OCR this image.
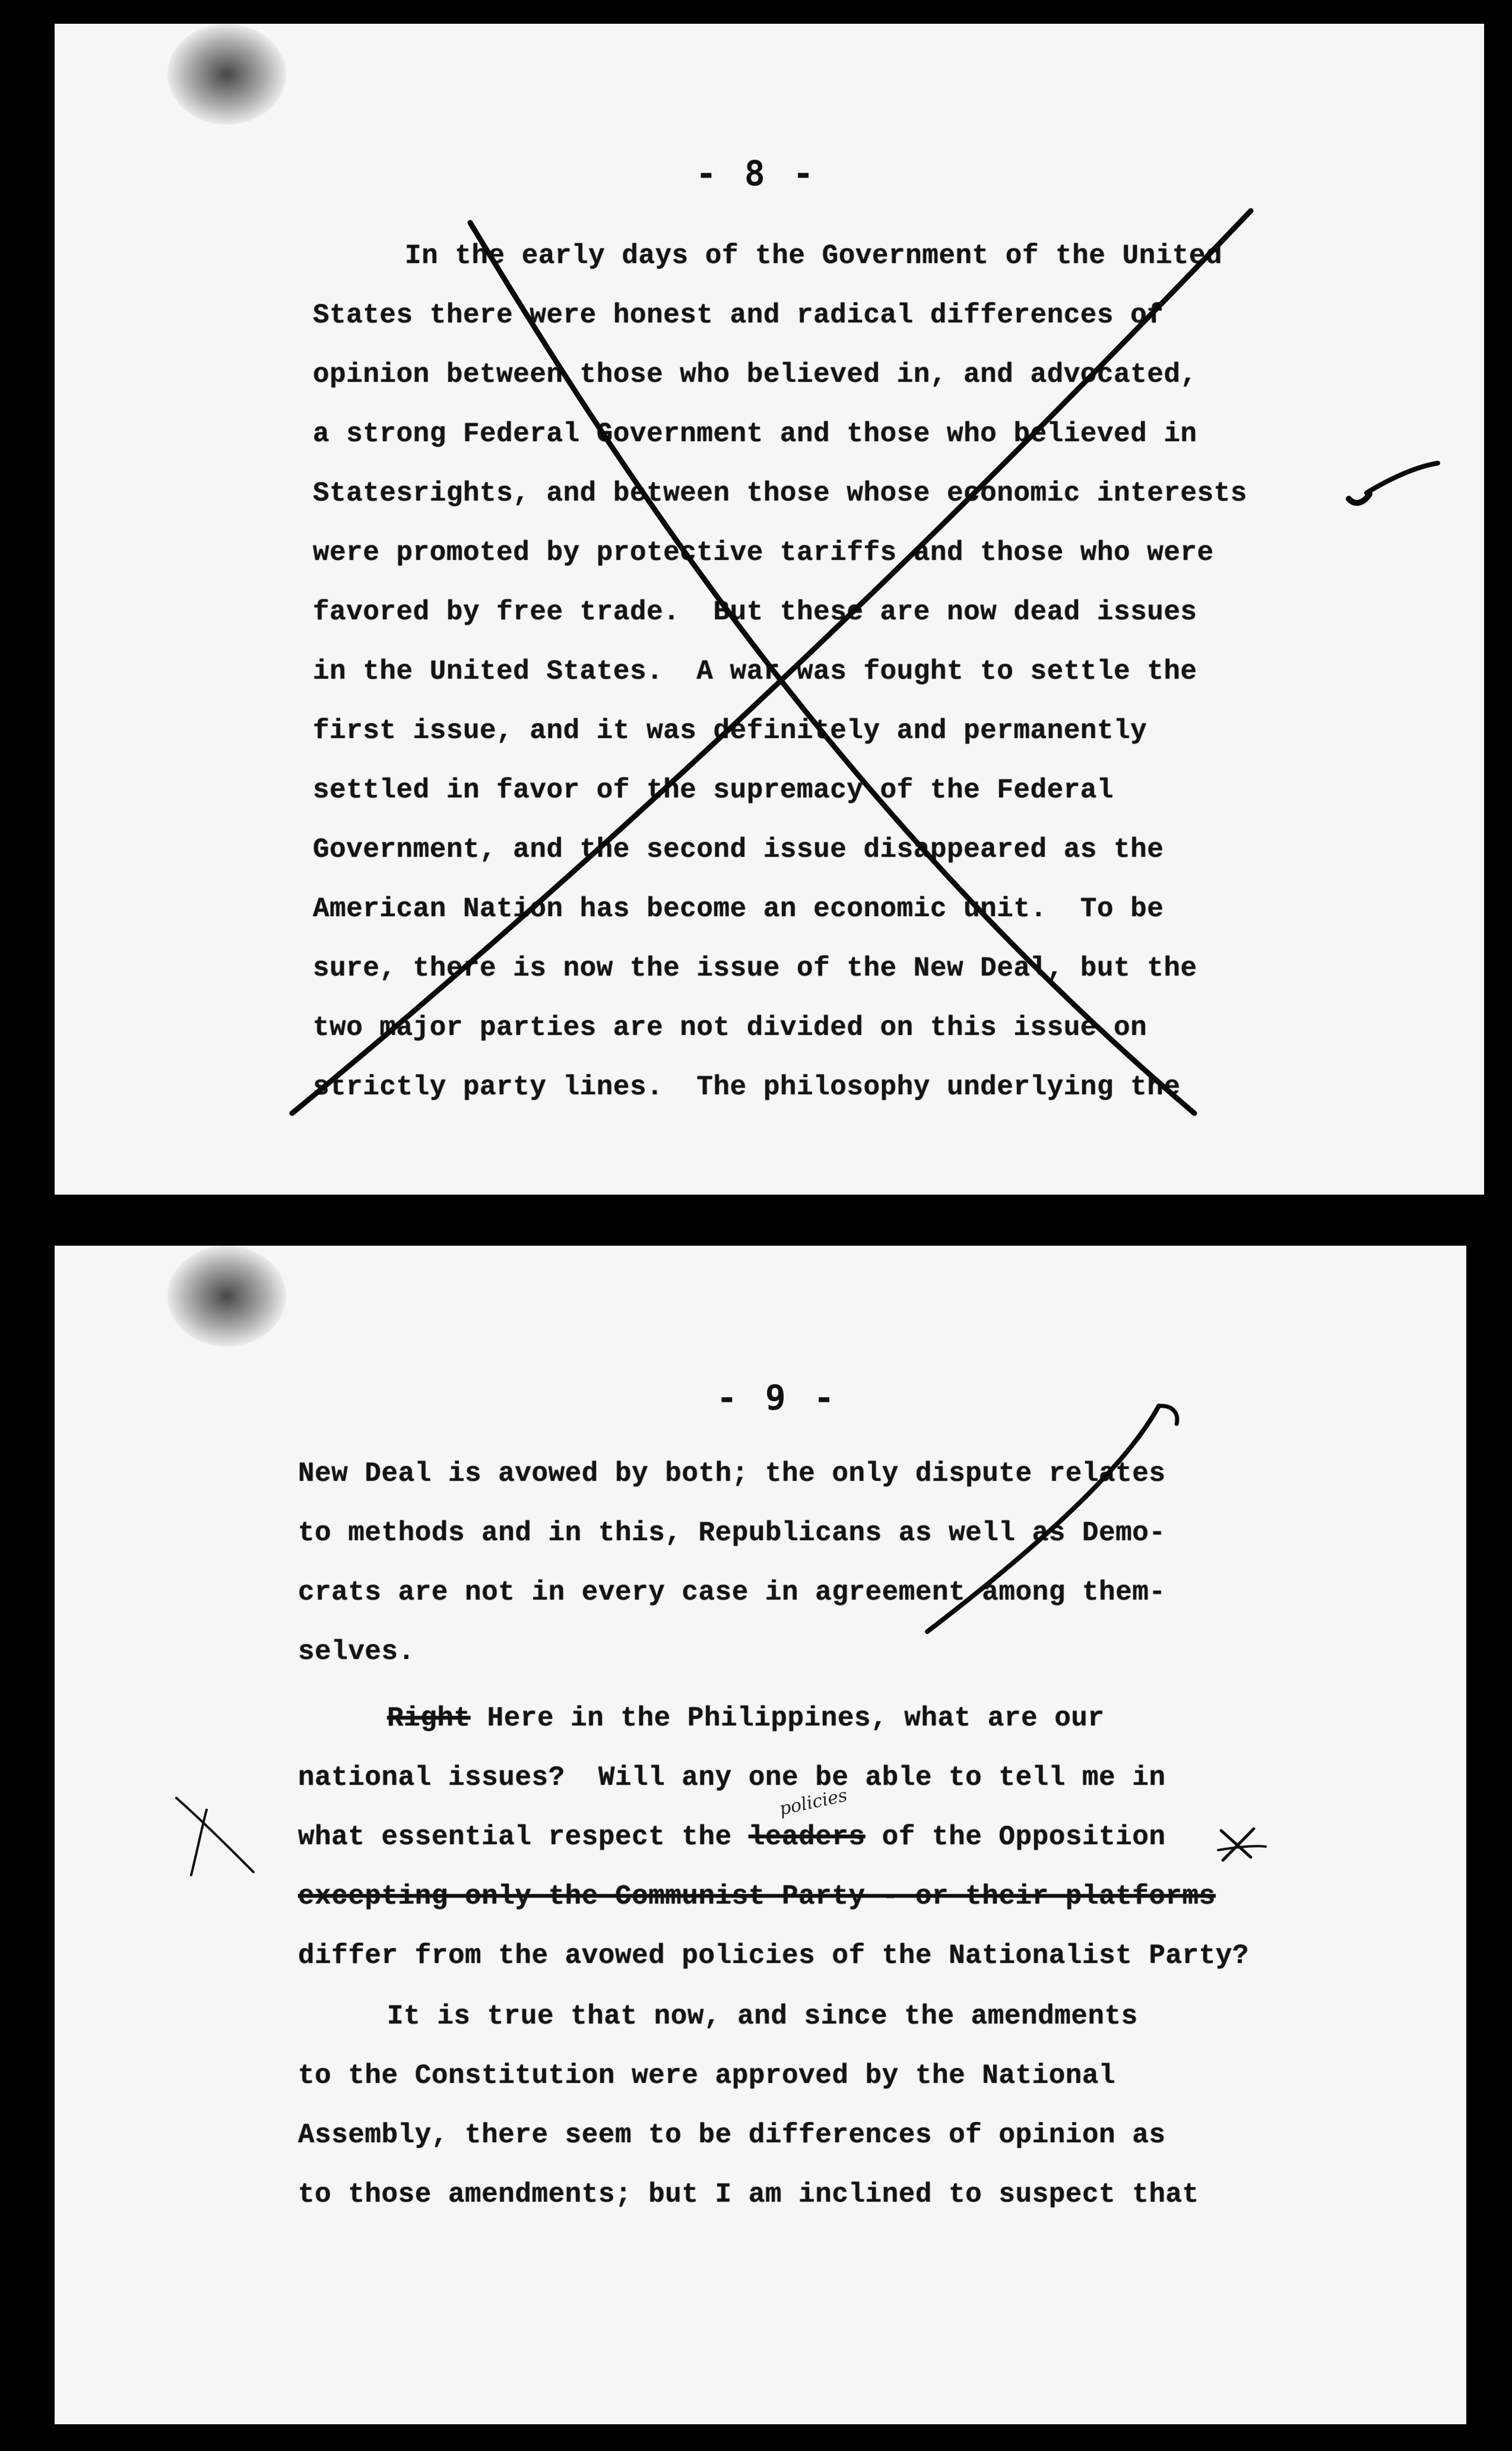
- 8 -
In the early days of the Government of the United
States there were honest and radical differences of
opinion between those who believed in, and advocated,
a strong Federal Government and those who believed in
Statesrights, and between those whose economic interests
were promoted by protective tariffs and those who were
favored by free trade.  But these are now dead issues
in the United States.  A war was fought to settle the
first issue, and it was definitely and permanently
settled in favor of the supremacy of the Federal
Government, and the second issue disappeared as the
American Nation has become an economic unit.  To be
sure, there is now the issue of the New Deal, but the
two major parties are not divided on this issue on
strictly party lines.  The philosophy underlying the
- 9 -
New Deal is avowed by both; the only dispute relates
to methods and in this, Republicans as well as Demo-
crats are not in every case in agreement among them-
selves.
Right Here in the Philippines, what are our
national issues?  Will any one be able to tell me in
what essential respect the leaders of the Opposition
excepting only the Communist Party - or their platforms
differ from the avowed policies of the Nationalist Party?
It is true that now, and since the amendments
to the Constitution were approved by the National
Assembly, there seem to be differences of opinion as
to those amendments; but I am inclined to suspect that
policies
